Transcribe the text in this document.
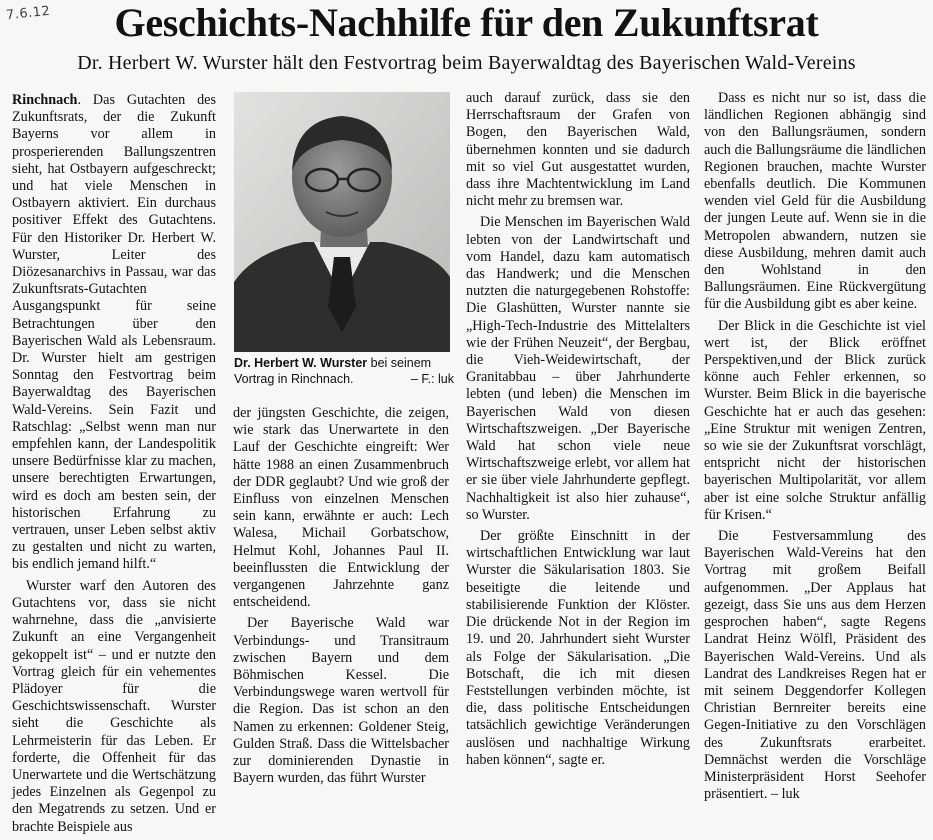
7.6.12	Geschichts-Nachhilfe für den Zukunftsrat
Dr. Herbert W. Wurster hält den Festvortrag beim Bayerwaldtag des Bayerischen Wald-Vereins

Rinchnach. Das Gutachten des Zukunftsrats, der die Zukunft Bayerns vor allem in prosperierenden Ballungszentren sieht, hat Ostbayern aufgeschreckt; und hat viele Menschen in Ostbayern aktiviert. Ein durchaus positiver Effekt des Gutachtens. Für den Historiker Dr. Herbert W. Wurster, Leiter des Diözesanarchivs in Passau, war das Zukunftsrats-Gutachten Ausgangspunkt für seine Betrachtungen über den Bayerischen Wald als Lebensraum. Dr. Wurster hielt am gestrigen Sonntag den Festvortrag beim Bayerwaldtag des Bayerischen Wald-Vereins. Sein Fazit und Ratschlag: „Selbst wenn man nur empfehlen kann, der Landespolitik unsere Bedürfnisse klar zu machen, unsere berechtigten Erwartungen, wird es doch am besten sein, der historischen Erfahrung zu vertrauen, unser Leben selbst aktiv zu gestalten und nicht zu warten, bis endlich jemand hilft.“

Wurster warf den Autoren des Gutachtens vor, dass sie nicht wahrnehne, dass die „anvisierte Zukunft an eine Vergangenheit gekoppelt ist“ – und er nutzte den Vortrag gleich für ein vehementes Plädoyer für die Geschichtswissenschaft. Wurster sieht die Geschichte als Lehrmeisterin für das Leben. Er forderte, die Offenheit für das Unerwartete und die Wertschätzung jedes Einzelnen als Gegenpol zu den Megatrends zu setzen. Und er brachte Beispiele aus

Dr. Herbert W. Wurster bei seinem Vortrag in Rinchnach.	– F.: luk

der jüngsten Geschichte, die zeigen, wie stark das Unerwartete in den Lauf der Geschichte eingreift: Wer hätte 1988 an einen Zusammenbruch der DDR geglaubt? Und wie groß der Einfluss von einzelnen Menschen sein kann, erwähnte er auch: Lech Walesa, Michail Gorbatschow, Helmut Kohl, Johannes Paul II. beeinflussten die Entwicklung der vergangenen Jahrzehnte ganz entscheidend.

Der Bayerische Wald war Verbindungs- und Transitraum zwischen Bayern und dem Böhmischen Kessel. Die Verbindungswege waren wertvoll für die Region. Das ist schon an den Namen zu erkennen: Goldener Steig, Gulden Straß. Dass die Wittelsbacher zur dominierenden Dynastie in Bayern wurden, das führt Wurster

auch darauf zurück, dass sie den Herrschaftsraum der Grafen von Bogen, den Bayerischen Wald, übernehmen konnten und sie dadurch mit so viel Gut ausgestattet wurden, dass ihre Machtentwicklung im Land nicht mehr zu bremsen war.

Die Menschen im Bayerischen Wald lebten von der Landwirtschaft und vom Handel, dazu kam automatisch das Handwerk; und die Menschen nutzten die naturgegebenen Rohstoffe: Die Glashütten, Wurster nannte sie „High-Tech-Industrie des Mittelalters wie der Frühen Neuzeit“, der Bergbau, die Vieh-Weidewirtschaft, der Granitabbau – über Jahrhunderte lebten (und leben) die Menschen im Bayerischen Wald von diesen Wirtschaftszweigen. „Der Bayerische Wald hat schon viele neue Wirtschaftszweige erlebt, vor allem hat er sie über viele Jahrhunderte gepflegt. Nachhaltigkeit ist also hier zuhause“, so Wurster.

Der größte Einschnitt in der wirtschaftlichen Entwicklung war laut Wurster die Säkularisation 1803. Sie beseitigte die leitende und stabilisierende Funktion der Klöster. Die drückende Not in der Region im 19. und 20. Jahrhundert sieht Wurster als Folge der Säkularisation. „Die Botschaft, die ich mit diesen Feststellungen verbinden möchte, ist die, dass politische Entscheidungen tatsächlich gewichtige Veränderungen auslösen und nachhaltige Wirkung haben können“, sagte er.

Dass es nicht nur so ist, dass die ländlichen Regionen abhängig sind von den Ballungsräumen, sondern auch die Ballungsräume die ländlichen Regionen brauchen, machte Wurster ebenfalls deutlich. Die Kommunen wenden viel Geld für die Ausbildung der jungen Leute auf. Wenn sie in die Metropolen abwandern, nutzen sie diese Ausbildung, mehren damit auch den Wohlstand in den Ballungsräumen. Eine Rückvergütung für die Ausbildung gibt es aber keine.

Der Blick in die Geschichte ist viel wert ist, der Blick eröffnet Perspektiven,und der Blick zurück könne auch Fehler erkennen, so Wurster. Beim Blick in die bayerische Geschichte hat er auch das gesehen: „Eine Struktur mit wenigen Zentren, so wie sie der Zukunftsrat vorschlägt, entspricht nicht der historischen bayerischen Multipolarität, vor allem aber ist eine solche Struktur anfällig für Krisen.“

Die Festversammlung des Bayerischen Wald-Vereins hat den Vortrag mit großem Beifall aufgenommen. „Der Applaus hat gezeigt, dass Sie uns aus dem Herzen gesprochen haben“, sagte Regens Landrat Heinz Wölfl, Präsident des Bayerischen Wald-Vereins. Und als Landrat des Landkreises Regen hat er mit seinem Deggendorfer Kollegen Christian Bernreiter bereits eine Gegen-Initiative zu den Vorschlägen des Zukunftsrats erarbeitet. Demnächst werden die Vorschläge Ministerpräsident Horst Seehofer präsentiert. – luk
